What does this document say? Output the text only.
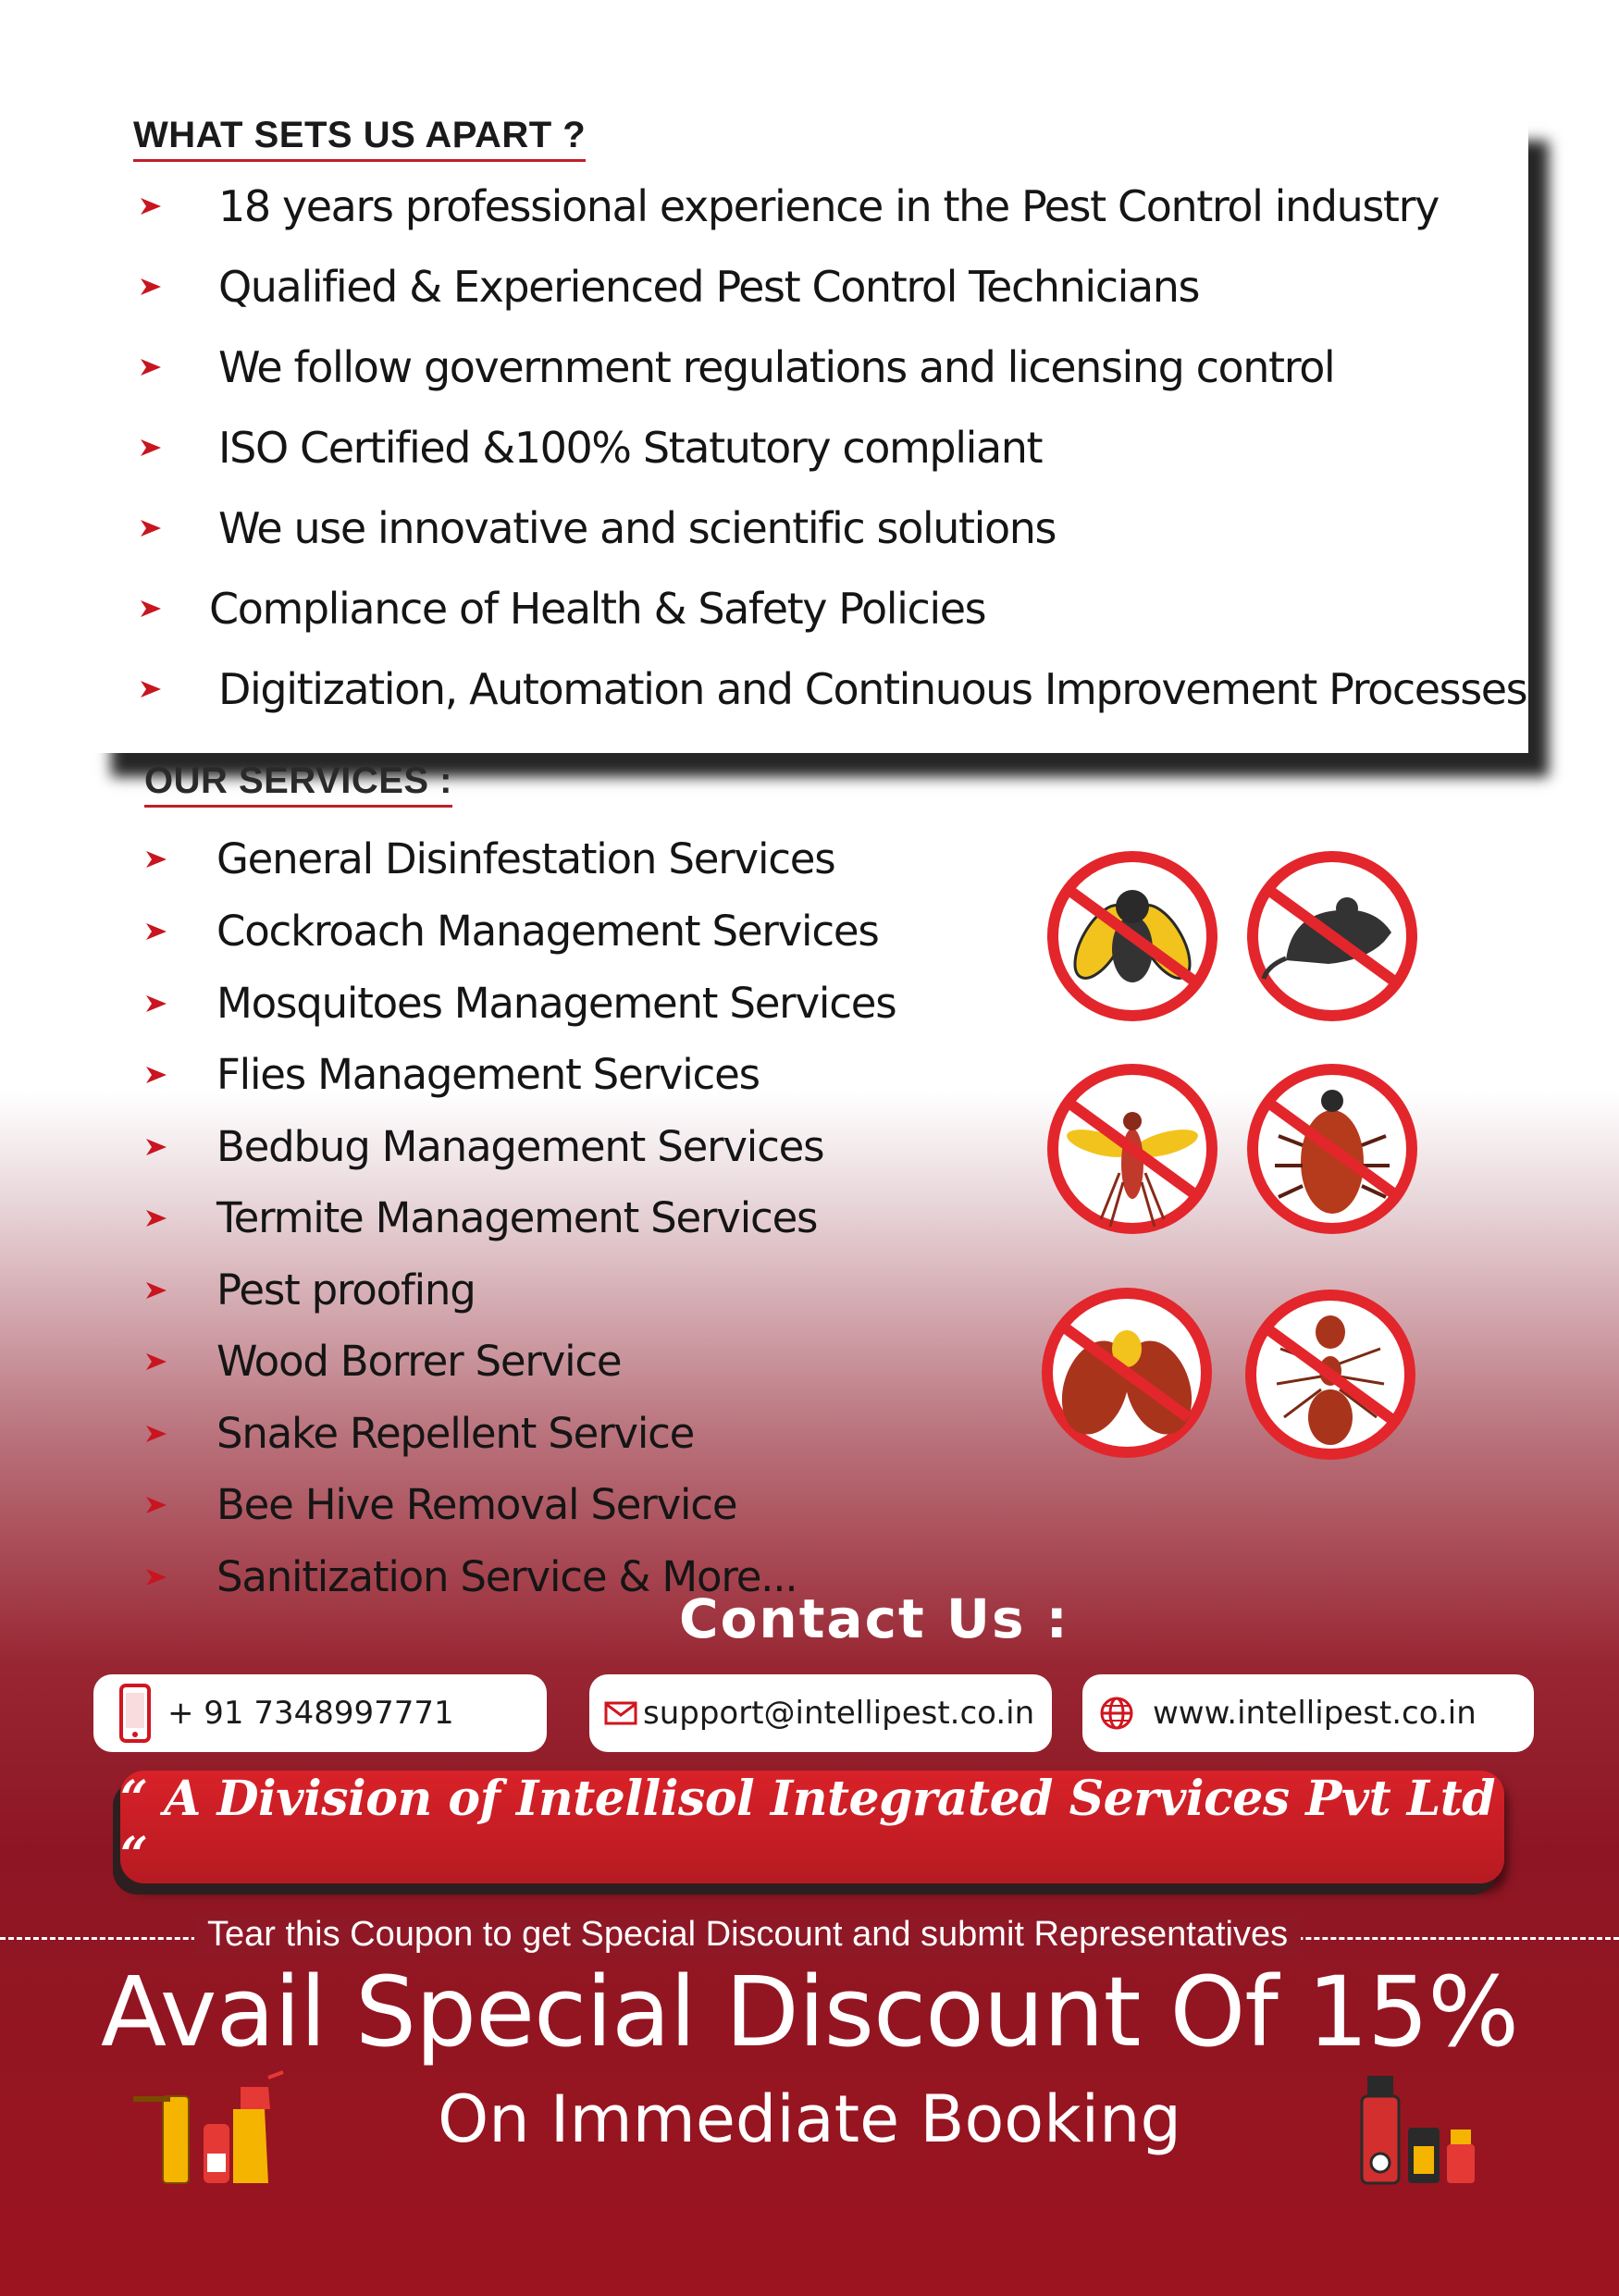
WHAT SETS US APART ?
18 years professional experience in the Pest Control industry
Qualified & Experienced Pest Control Technicians
We follow government regulations and licensing control
ISO Certified &100% Statutory compliant
We use innovative and scientific solutions
Compliance of Health & Safety Policies
Digitization, Automation and Continuous Improvement Processes
OUR SERVICES :
General Disinfestation Services
Cockroach Management Services
Mosquitoes Management Services
Flies Management Services
Bedbug Management Services
Termite Management Services
Pest proofing
Wood Borrer Service
Snake Repellent Service
Bee Hive Removal Service
Sanitization Service & More...
Contact Us :
+ 91 7348997771	support@intellipest.co.in	www.intellipest.co.in
“ A Division of Intellisol Integrated Services Pvt Ltd “
Tear this Coupon to get Special Discount and submit Representatives
Avail Special Discount Of 15%
On Immediate Booking
